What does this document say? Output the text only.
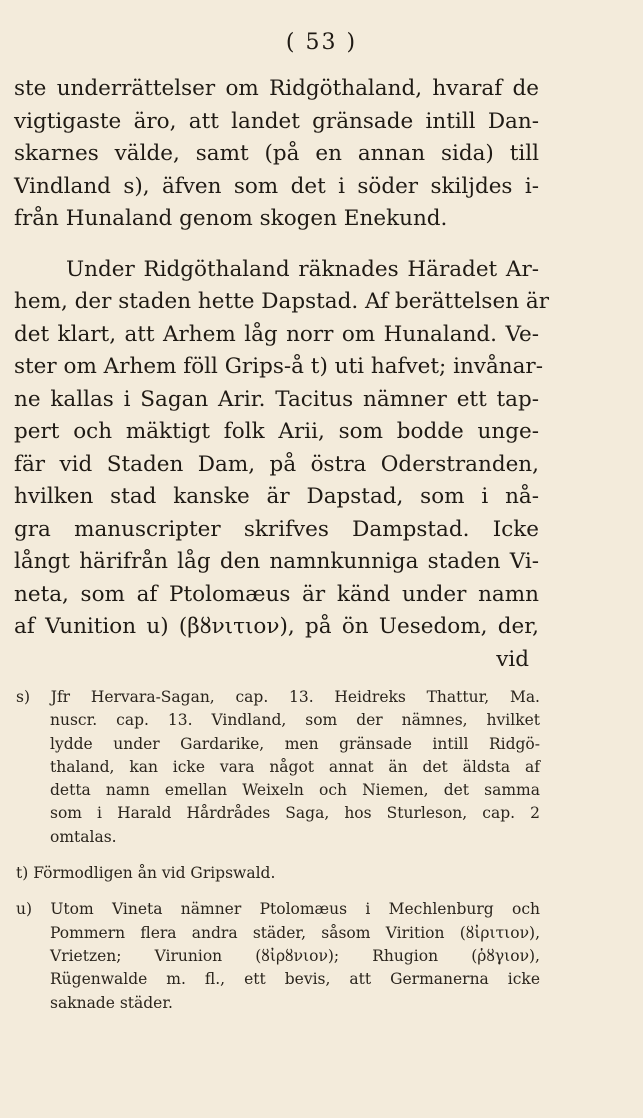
( 53 )
ste underrättelser om Ridgöthaland, hvaraf de
vigtigaste äro, att landet gränsade intill Dan-
skarnes välde, samt (på en annan sida) till
Vindland s), äfven som det i söder skiljdes i-
från Hunaland genom skogen Enekund.
Under Ridgöthaland räknades Häradet Ar-
hem, der staden hette Dapstad. Af berättelsen är
det klart, att Arhem låg norr om Hunaland. Ve-
ster om Arhem föll Grips-å t) uti hafvet; invånar-
ne kallas i Sagan Arir. Tacitus nämner ett tap-
pert och mäktigt folk Arii, som bodde unge-
fär vid Staden Dam, på östra Oderstranden,
hvilken stad kanske är Dapstad, som i nå-
gra manuscripter skrifves Dampstad. Icke
långt härifrån låg den namnkunniga staden Vi-
neta, som af Ptolomæus är känd under namn
af Vunition u) (βȣνιτιον), på ön Uesedom, der,
vid
s) Jfr Hervara-Sagan, cap. 13. Heidreks Thattur, Ma.
nuscr. cap. 13. Vindland, som der nämnes, hvilket
lydde under Gardarike, men gränsade intill Ridgö-
thaland, kan icke vara något annat än det äldsta af
detta namn emellan Weixeln och Niemen, det samma
som i Harald Hårdrådes Saga, hos Sturleson, cap. 2
omtalas.
t) Förmodligen ån vid Gripswald.
u) Utom Vineta nämner Ptolomæus i Mechlenburg och
Pommern flera andra städer, såsom Virition (ȣἰριτιον),
Vrietzen; Virunion (ȣἰρȣνιον); Rhugion (ῥȣγιον),
Rügenwalde m. fl., ett bevis, att Germanerna icke
saknade städer.
